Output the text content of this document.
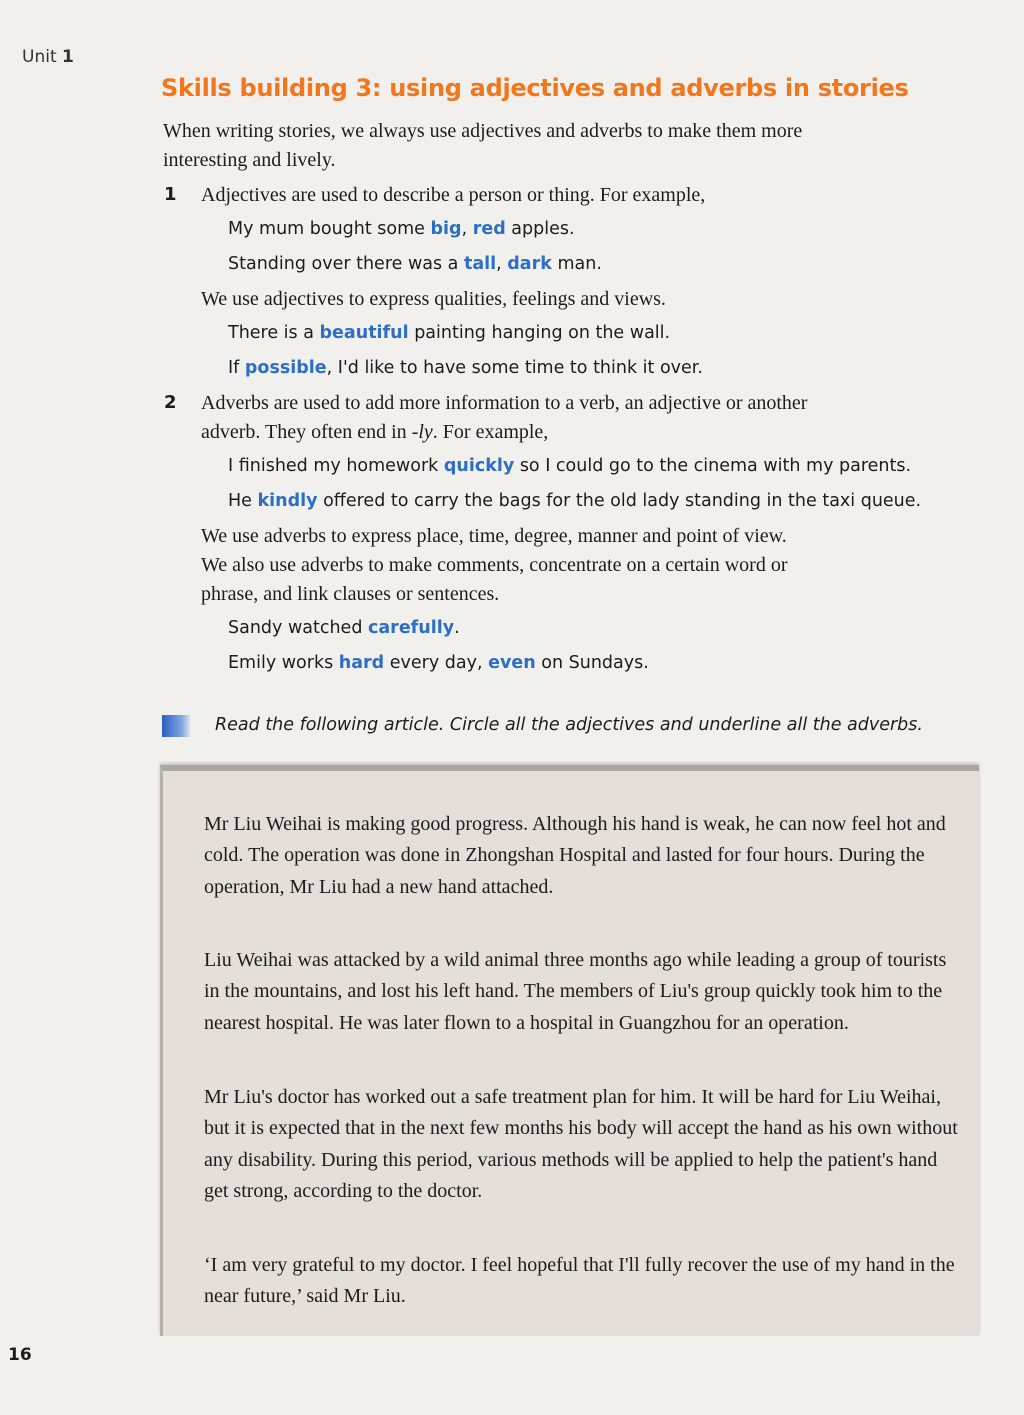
Unit 1
Skills building 3: using adjectives and adverbs in stories
When writing stories, we always use adjectives and adverbs to make them more
interesting and lively.
1 Adjectives are used to describe a person or thing. For example,
My mum bought some big, red apples.
Standing over there was a tall, dark man.
We use adjectives to express qualities, feelings and views.
There is a beautiful painting hanging on the wall.
If possible, I'd like to have some time to think it over.
2 Adverbs are used to add more information to a verb, an adjective or another
adverb. They often end in -ly. For example,
I finished my homework quickly so I could go to the cinema with my parents.
He kindly offered to carry the bags for the old lady standing in the taxi queue.
We use adverbs to express place, time, degree, manner and point of view.
We also use adverbs to make comments, concentrate on a certain word or
phrase, and link clauses or sentences.
Sandy watched carefully.
Emily works hard every day, even on Sundays.
Read the following article. Circle all the adjectives and underline all the adverbs.
Mr Liu Weihai is making good progress. Although his hand is weak, he can now feel hot and cold. The operation was done in Zhongshan Hospital and lasted for four hours. During the operation, Mr Liu had a new hand attached.
Liu Weihai was attacked by a wild animal three months ago while leading a group of tourists in the mountains, and lost his left hand. The members of Liu's group quickly took him to the nearest hospital. He was later flown to a hospital in Guangzhou for an operation.
Mr Liu's doctor has worked out a safe treatment plan for him. It will be hard for Liu Weihai, but it is expected that in the next few months his body will accept the hand as his own without any disability. During this period, various methods will be applied to help the patient's hand get strong, according to the doctor.
‘I am very grateful to my doctor. I feel hopeful that I'll fully recover the use of my hand in the near future,’ said Mr Liu.
16
